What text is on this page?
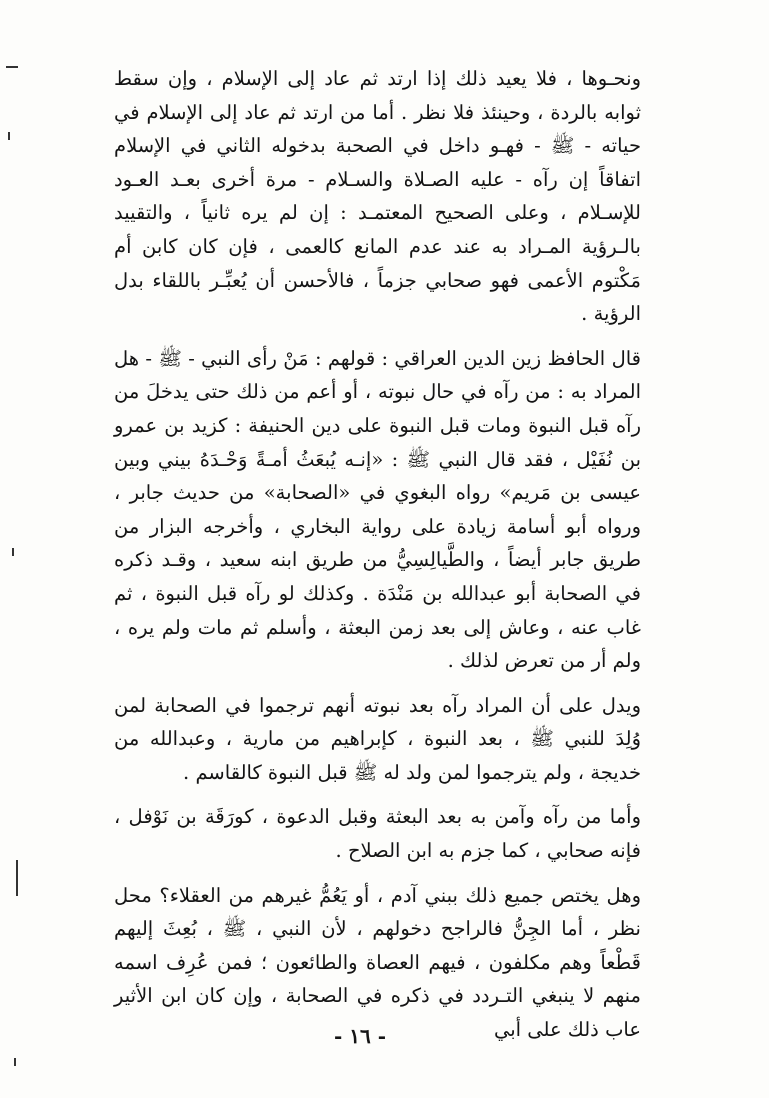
ونحـوها ، فلا يعيد ذلك إذا ارتد ثم عاد إلى الإسلام ، وإن سقط ثوابه بالردة ، وحينئذ فلا نظر . أما من ارتد ثم عاد إلى الإسلام في حياته - ﷺ - فهـو داخل في الصحبة بدخوله الثاني في الإسلام اتفاقاً إن رآه - عليه الصـلاة والسـلام - مرة أخرى بعـد العـود للإسـلام ، وعلى الصحيح المعتمـد : إن لم يره ثانياً ، والتقييد بالـرؤية المـراد به عند عدم المانع كالعمى ، فإن كان كابن أم مَكْتوم الأعمى فهو صحابي جزماً ، فالأحسن أن يُعبِّـر باللقاء بدل الرؤية .

قال الحافظ زين الدين العراقي : قولهم : مَنْ رأى النبي - ﷺ - هل المراد به : من رآه في حال نبوته ، أو أعم من ذلك حتى يدخلَ من رآه قبل النبوة ومات قبل النبوة على دين الحنيفة : كزيد بن عمرو بن نُفَيْل ، فقد قال النبي ﷺ : «إنـه يُبعَثُ أمـةً وَحْـدَهُ بيني وبين عيسى بن مَريم» رواه البغوي في «الصحابة» من حديث جابر ، ورواه أبو أسامة زيادة على رواية البخاري ، وأخرجه البزار من طريق جابر أيضاً ، والطَّيالِسِيُّ من طريق ابنه سعيد ، وقـد ذكره في الصحابة أبو عبدالله بن مَنْدَة . وكذلك لو رآه قبل النبوة ، ثم غاب عنه ، وعاش إلى بعد زمن البعثة ، وأسلم ثم مات ولم يره ، ولم أر من تعرض لذلك .

ويدل على أن المراد رآه بعد نبوته أنهم ترجموا في الصحابة لمن وُلِدَ للنبي ﷺ ، بعد النبوة ، كإبراهيم من مارية ، وعبدالله من خديجة ، ولم يترجموا لمن ولد له ﷺ قبل النبوة كالقاسم .

وأما من رآه وآمن به بعد البعثة وقبل الدعوة ، كورَقَة بن نَوْفل ، فإنه صحابي ، كما جزم به ابن الصلاح .

وهل يختص جميع ذلك ببني آدم ، أو يَعُمُّ غيرهم من العقلاء؟ محل نظر ، أما الجِنُّ فالراجح دخولهم ، لأن النبي ، ﷺ ، بُعِثَ إليهم قَطْعاً وهم مكلفون ، فيهم العصاة والطائعون ؛ فمن عُرِف اسمه منهم لا ينبغي التـردد في ذكره في الصحابة ، وإن كان ابن الأثير عاب ذلك على أبي

- ١٦ -
